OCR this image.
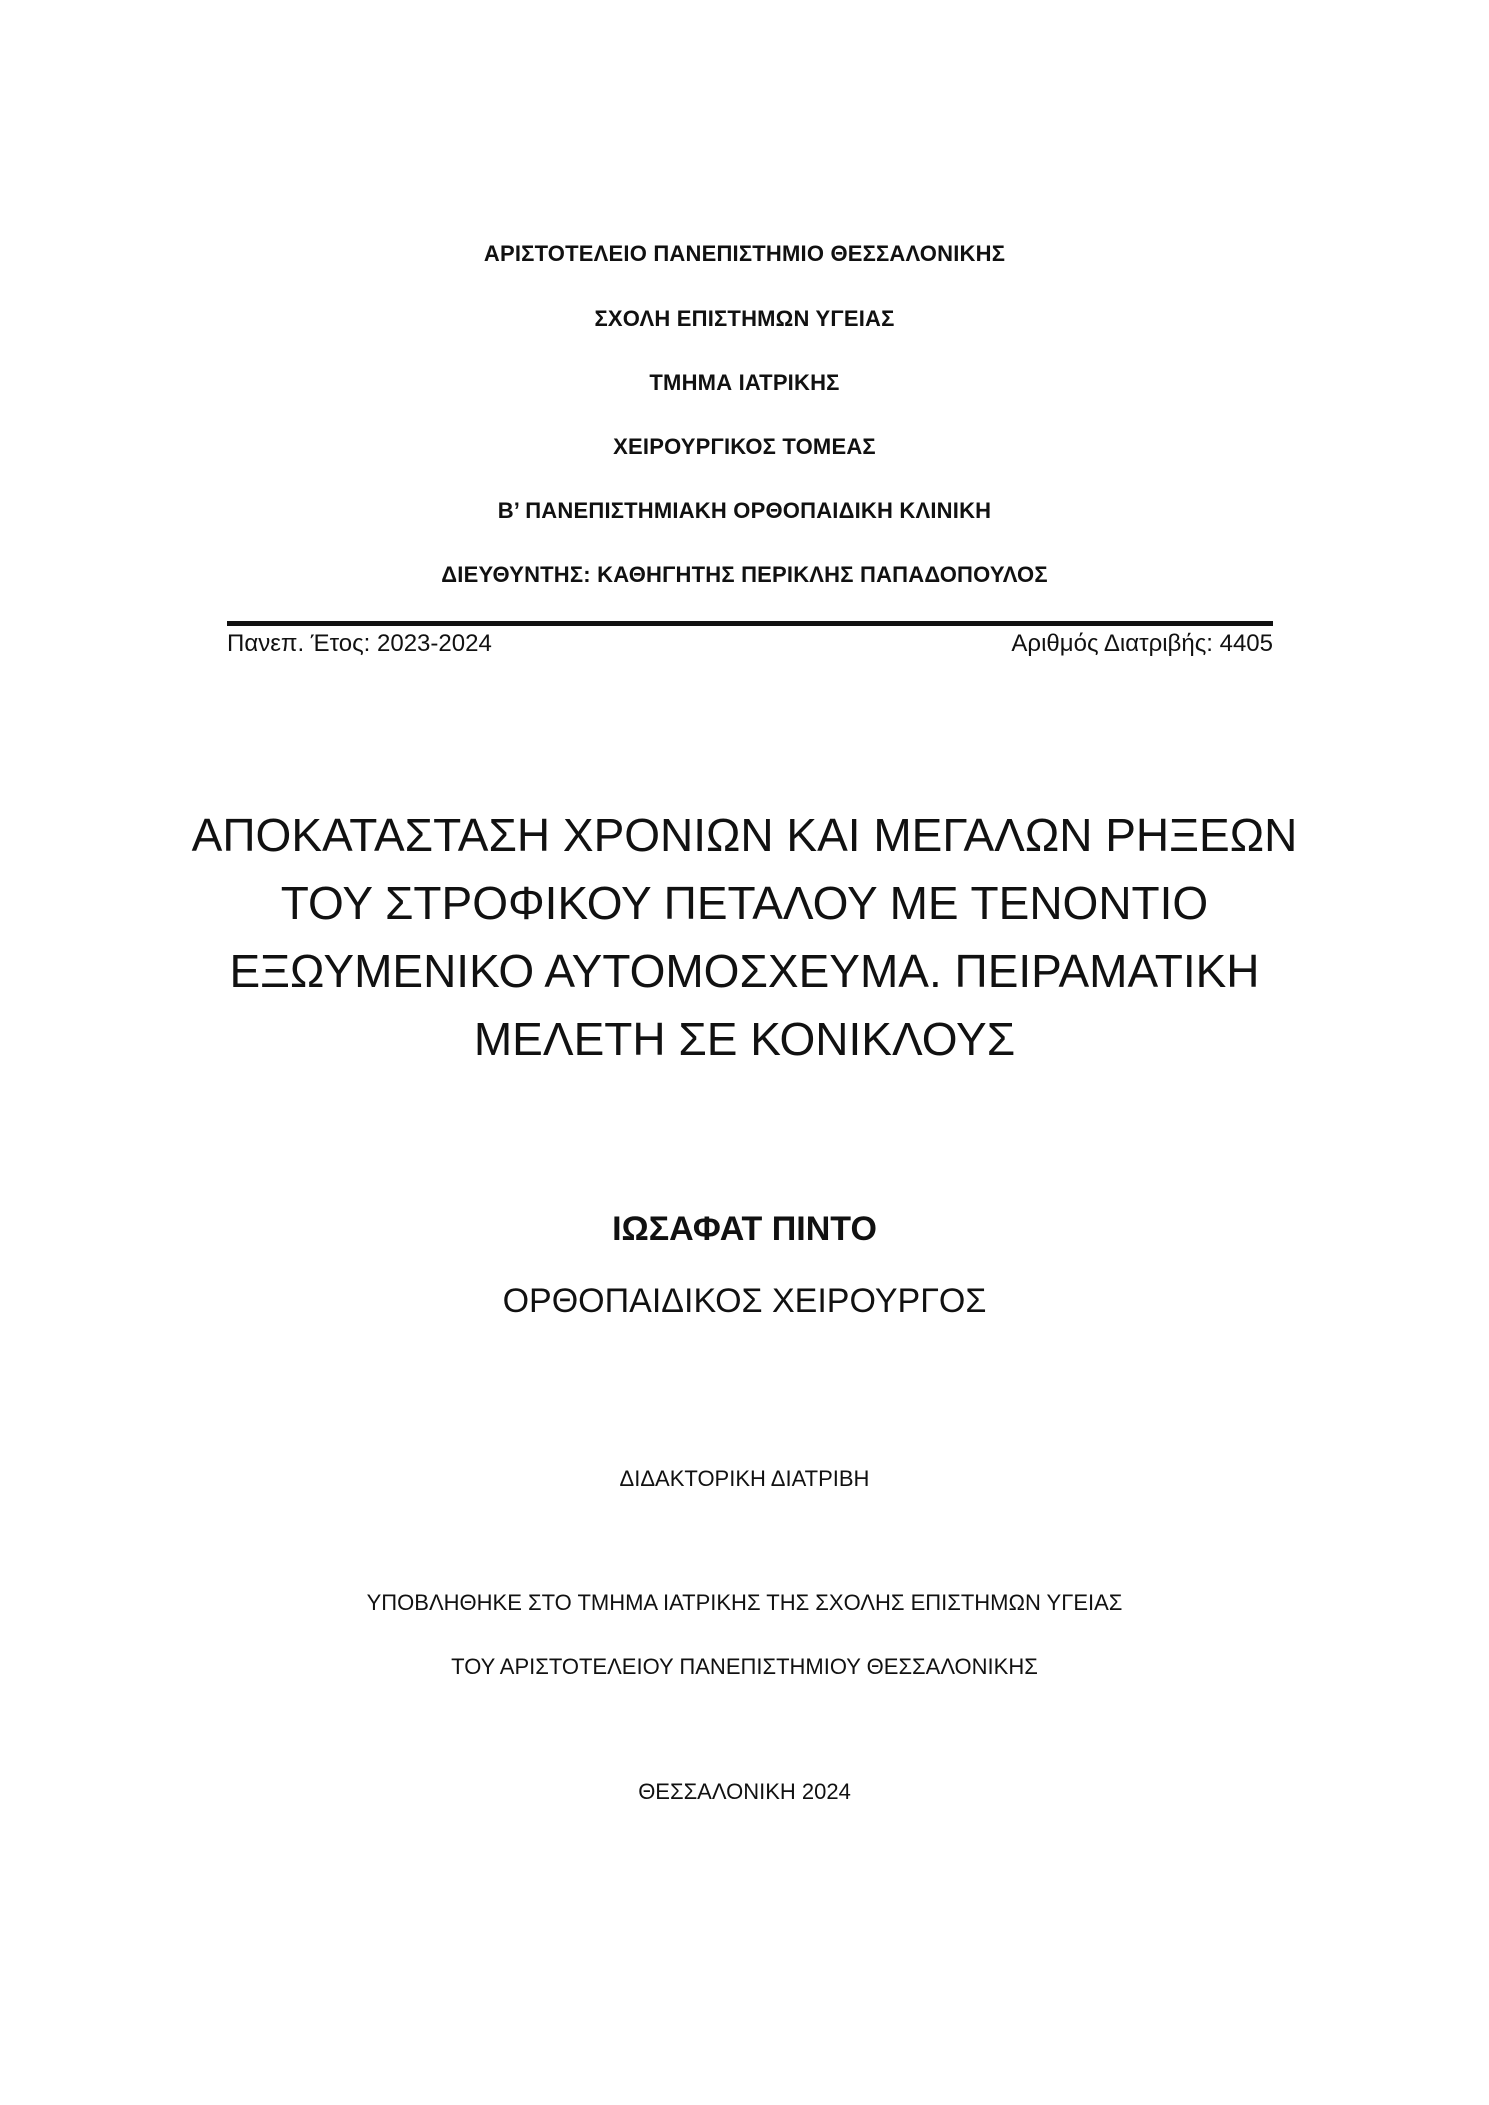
ΑΡΙΣΤΟΤΕΛΕΙΟ ΠΑΝΕΠΙΣΤΗΜΙΟ ΘΕΣΣΑΛΟΝΙΚΗΣ
ΣΧΟΛΗ ΕΠΙΣΤΗΜΩΝ ΥΓΕΙΑΣ
ΤΜΗΜΑ ΙΑΤΡΙΚΗΣ
ΧΕΙΡΟΥΡΓΙΚΟΣ ΤΟΜΕΑΣ
Β’ ΠΑΝΕΠΙΣΤΗΜΙΑΚΗ ΟΡΘΟΠΑΙΔΙΚΗ ΚΛΙΝΙΚΗ
ΔΙΕΥΘΥΝΤΗΣ: ΚΑΘΗΓΗΤΗΣ ΠΕΡΙΚΛΗΣ ΠΑΠΑΔΟΠΟΥΛΟΣ
Πανεπ. Έτος: 2023-2024	Αριθμός Διατριβής: 4405
ΑΠΟΚΑΤΑΣΤΑΣΗ ΧΡΟΝΙΩΝ ΚΑΙ ΜΕΓΑΛΩΝ ΡΗΞΕΩΝ
ΤΟΥ ΣΤΡΟΦΙΚΟΥ ΠΕΤΑΛΟΥ ΜΕ ΤΕΝΟΝΤΙΟ
ΕΞΩΥΜΕΝΙΚΟ ΑΥΤΟΜΟΣΧΕΥΜΑ. ΠΕΙΡΑΜΑΤΙΚΗ
ΜΕΛΕΤΗ ΣΕ ΚΟΝΙΚΛΟΥΣ
ΙΩΣΑΦΑΤ ΠΙΝΤΟ
ΟΡΘΟΠΑΙΔΙΚΟΣ ΧΕΙΡΟΥΡΓΟΣ
ΔΙΔΑΚΤΟΡΙΚΗ ΔΙΑΤΡΙΒΗ
ΥΠΟΒΛΗΘΗΚΕ ΣΤΟ ΤΜΗΜΑ ΙΑΤΡΙΚΗΣ ΤΗΣ ΣΧΟΛΗΣ ΕΠΙΣΤΗΜΩΝ ΥΓΕΙΑΣ
ΤΟΥ ΑΡΙΣΤΟΤΕΛΕΙΟΥ ΠΑΝΕΠΙΣΤΗΜΙΟΥ ΘΕΣΣΑΛΟΝΙΚΗΣ
ΘΕΣΣΑΛΟΝΙΚΗ 2024
